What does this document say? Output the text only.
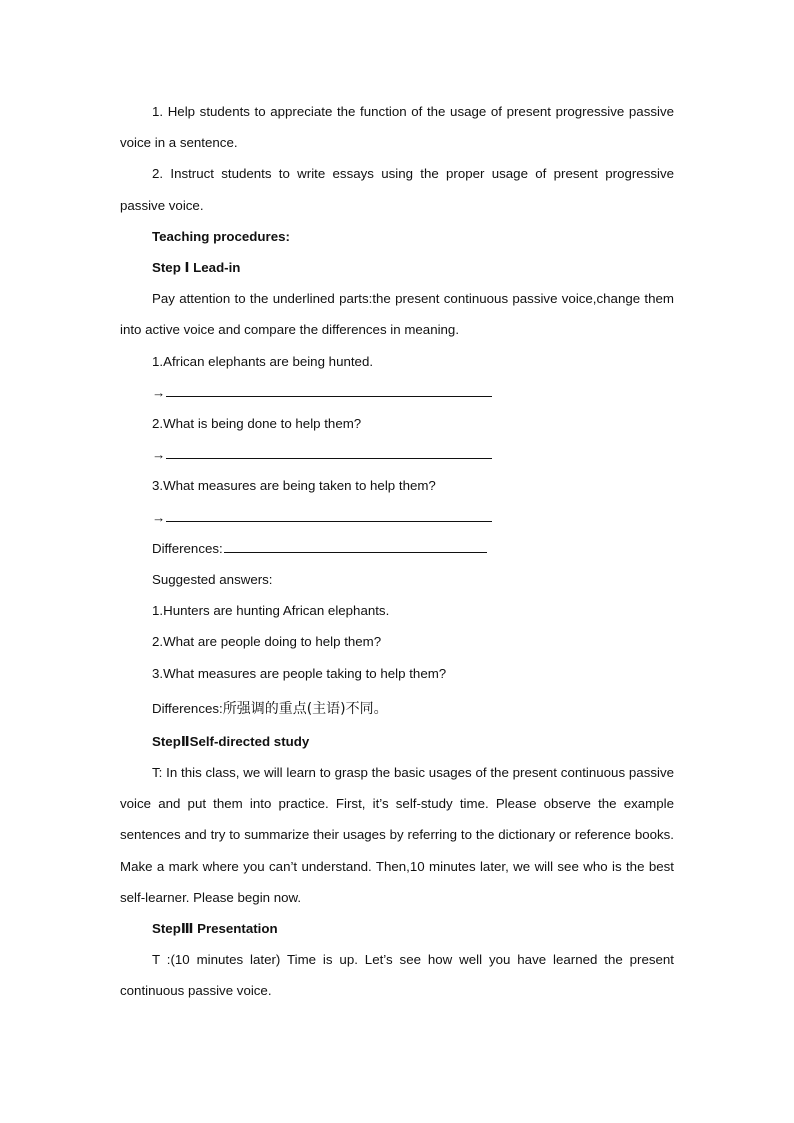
1. Help students to appreciate the function of the usage of present progressive passive voice in a sentence.

2. Instruct students to write essays using the proper usage of present progressive passive voice.

Teaching procedures:

Step Ⅰ Lead-in

Pay attention to the underlined parts:the present continuous passive voice,change them into active voice and compare the differences in meaning.

1.African elephants are being hunted.

→

2.What is being done to help them?

→

3.What measures are being taken to help them?

→

Differences:

Suggested answers:

1.Hunters are hunting African elephants.

2.What are people doing to help them?

3.What measures are people taking to help them?

Differences:所强调的重点(主语)不同。

StepⅡSelf-directed study

T: In this class, we will learn to grasp the basic usages of the present continuous passive voice and put them into practice. First, it’s self-study time. Please observe the example sentences and try to summarize their usages by referring to the dictionary or reference books. Make a mark where you can’t understand. Then,10 minutes later, we will see who is the best self-learner. Please begin now.

StepⅢ Presentation

T :(10 minutes later) Time is up. Let’s see how well you have learned the present continuous passive voice.
